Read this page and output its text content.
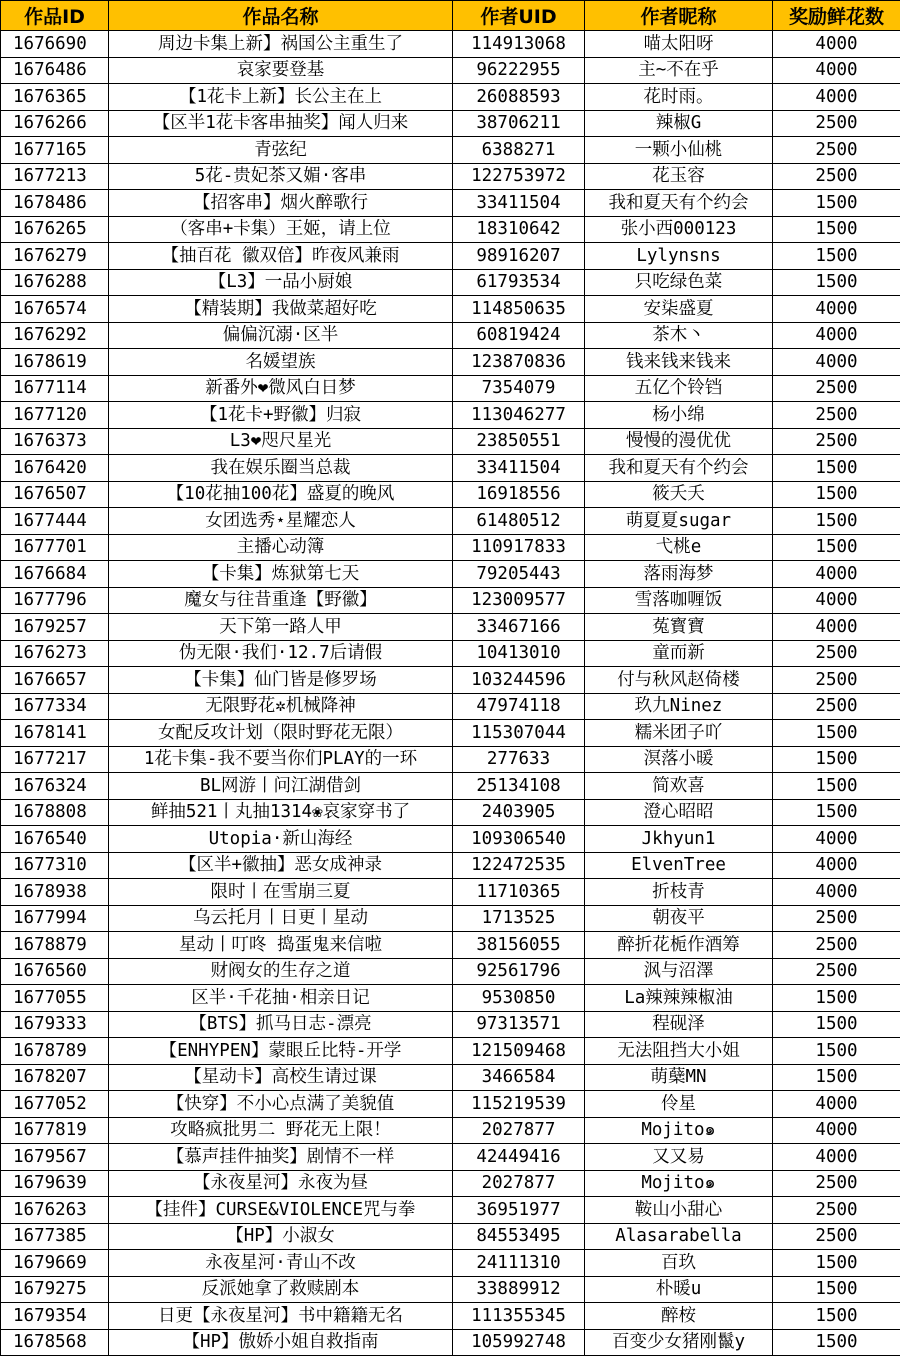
作品ID	作品名称	作者UID	作者昵称	奖励鲜花数
1676690	周边卡集上新】祸国公主重生了	114913068	喵太阳呀	4000
1676486	哀家要登基	96222955	主~不在乎	4000
1676365	【1花卡上新】长公主在上	26088593	花时雨。	4000
1676266	【区半1花卡客串抽奖】闻人归来	38706211	辣椒G	2500
1677165	青弦纪	6388271	一颗小仙桃	2500
1677213	5花-贵妃茶又媚·客串	122753972	花玉容	2500
1678486	【招客串】烟火醉歌行	33411504	我和夏天有个约会	1500
1676265	（客串+卡集）王姬，请上位	18310642	张小西000123	1500
1676279	【抽百花 徽双倍】昨夜风兼雨	98916207	Lylynsns	1500
1676288	【L3】一品小厨娘	61793534	只吃绿色菜	1500
1676574	【精装期】我做菜超好吃	114850635	安柒盛夏	4000
1676292	偏偏沉溺·区半	60819424	茶木丶	4000
1678619	名媛望族	123870836	钱来钱来钱来	4000
1677114	新番外❤微风白日梦	7354079	五亿个铃铛	2500
1677120	【1花卡+野徽】归寂	113046277	杨小绵	2500
1676373	L3❤咫尺星光	23850551	慢慢的漫优优	2500
1676420	我在娱乐圈当总裁	33411504	我和夏天有个约会	1500
1676507	【10花抽100花】盛夏的晚风	16918556	筱夭夭	1500
1677444	女团选秀⋆星耀恋人	61480512	萌夏夏sugar	1500
1677701	主播心动簿	110917833	弋桃e	1500
1676684	【卡集】炼狱第七天	79205443	落雨海梦	4000
1677796	魔女与往昔重逢【野徽】	123009577	雪落咖喱饭	4000
1679257	天下第一路人甲	33467166	菟寳寶	4000
1676273	伪无限·我们·12.7后请假	10413010	童而新	2500
1676657	【卡集】仙门皆是修罗场	103244596	付与秋风赵倚楼	2500
1677334	无限野花✲机械降神	47974118	玖九Ninez	2500
1678141	女配反攻计划（限时野花无限）	115307044	糯米团子吖	1500
1677217	1花卡集-我不要当你们PLAY的一环	277633	溟落小暖	1500
1676324	BL网游丨问江湖借剑	25134108	简欢喜	1500
1678808	鲜抽521丨丸抽1314❀哀家穿书了	2403905	澄心昭昭	1500
1676540	Utopia·新山海经	109306540	Jkhyun1	4000
1677310	【区半+徽抽】恶女成神录	122472535	ElvenTree	4000
1678938	限时丨在雪崩三夏	11710365	折枝青	4000
1677994	乌云托月丨日更丨星动	1713525	朝夜平	2500
1678879	星动丨叮咚 捣蛋鬼来信啦	38156055	醉折花栀作酒筹	2500
1676560	财阀女的生存之道	92561796	沨与沼澤	2500
1677055	区半·千花抽·相亲日记	9530850	La辣辣辣椒油	1500
1679333	【BTS】抓马日志-漂亮	97313571	程砚泽	1500
1678789	【ENHYPEN】蒙眼丘比特-开学	121509468	无法阻挡大小姐	1500
1678207	【星动卡】高校生请过课	3466584	萌蘖MN	1500
1677052	【快穿】不小心点满了美貌值	115219539	伶星	4000
1677819	攻略疯批男二 野花无上限！	2027877	Mojito๑	4000
1679567	【慕声挂件抽奖】剧情不一样	42449416	又又易	4000
1679639	【永夜星河】永夜为昼	2027877	Mojito๑	2500
1676263	【挂件】CURSE&VIOLENCE咒与拳	36951977	鞍山小甜心	2500
1677385	【HP】小淑女	84553495	Alasarabella	2500
1679669	永夜星河·青山不改	24111310	百玖	1500
1679275	反派她拿了救赎剧本	33889912	朴暖u	1500
1679354	日更【永夜星河】书中籍籍无名	111355345	醉桉	1500
1678568	【HP】傲娇小姐自救指南	105992748	百变少女猪刚鬣y	1500
